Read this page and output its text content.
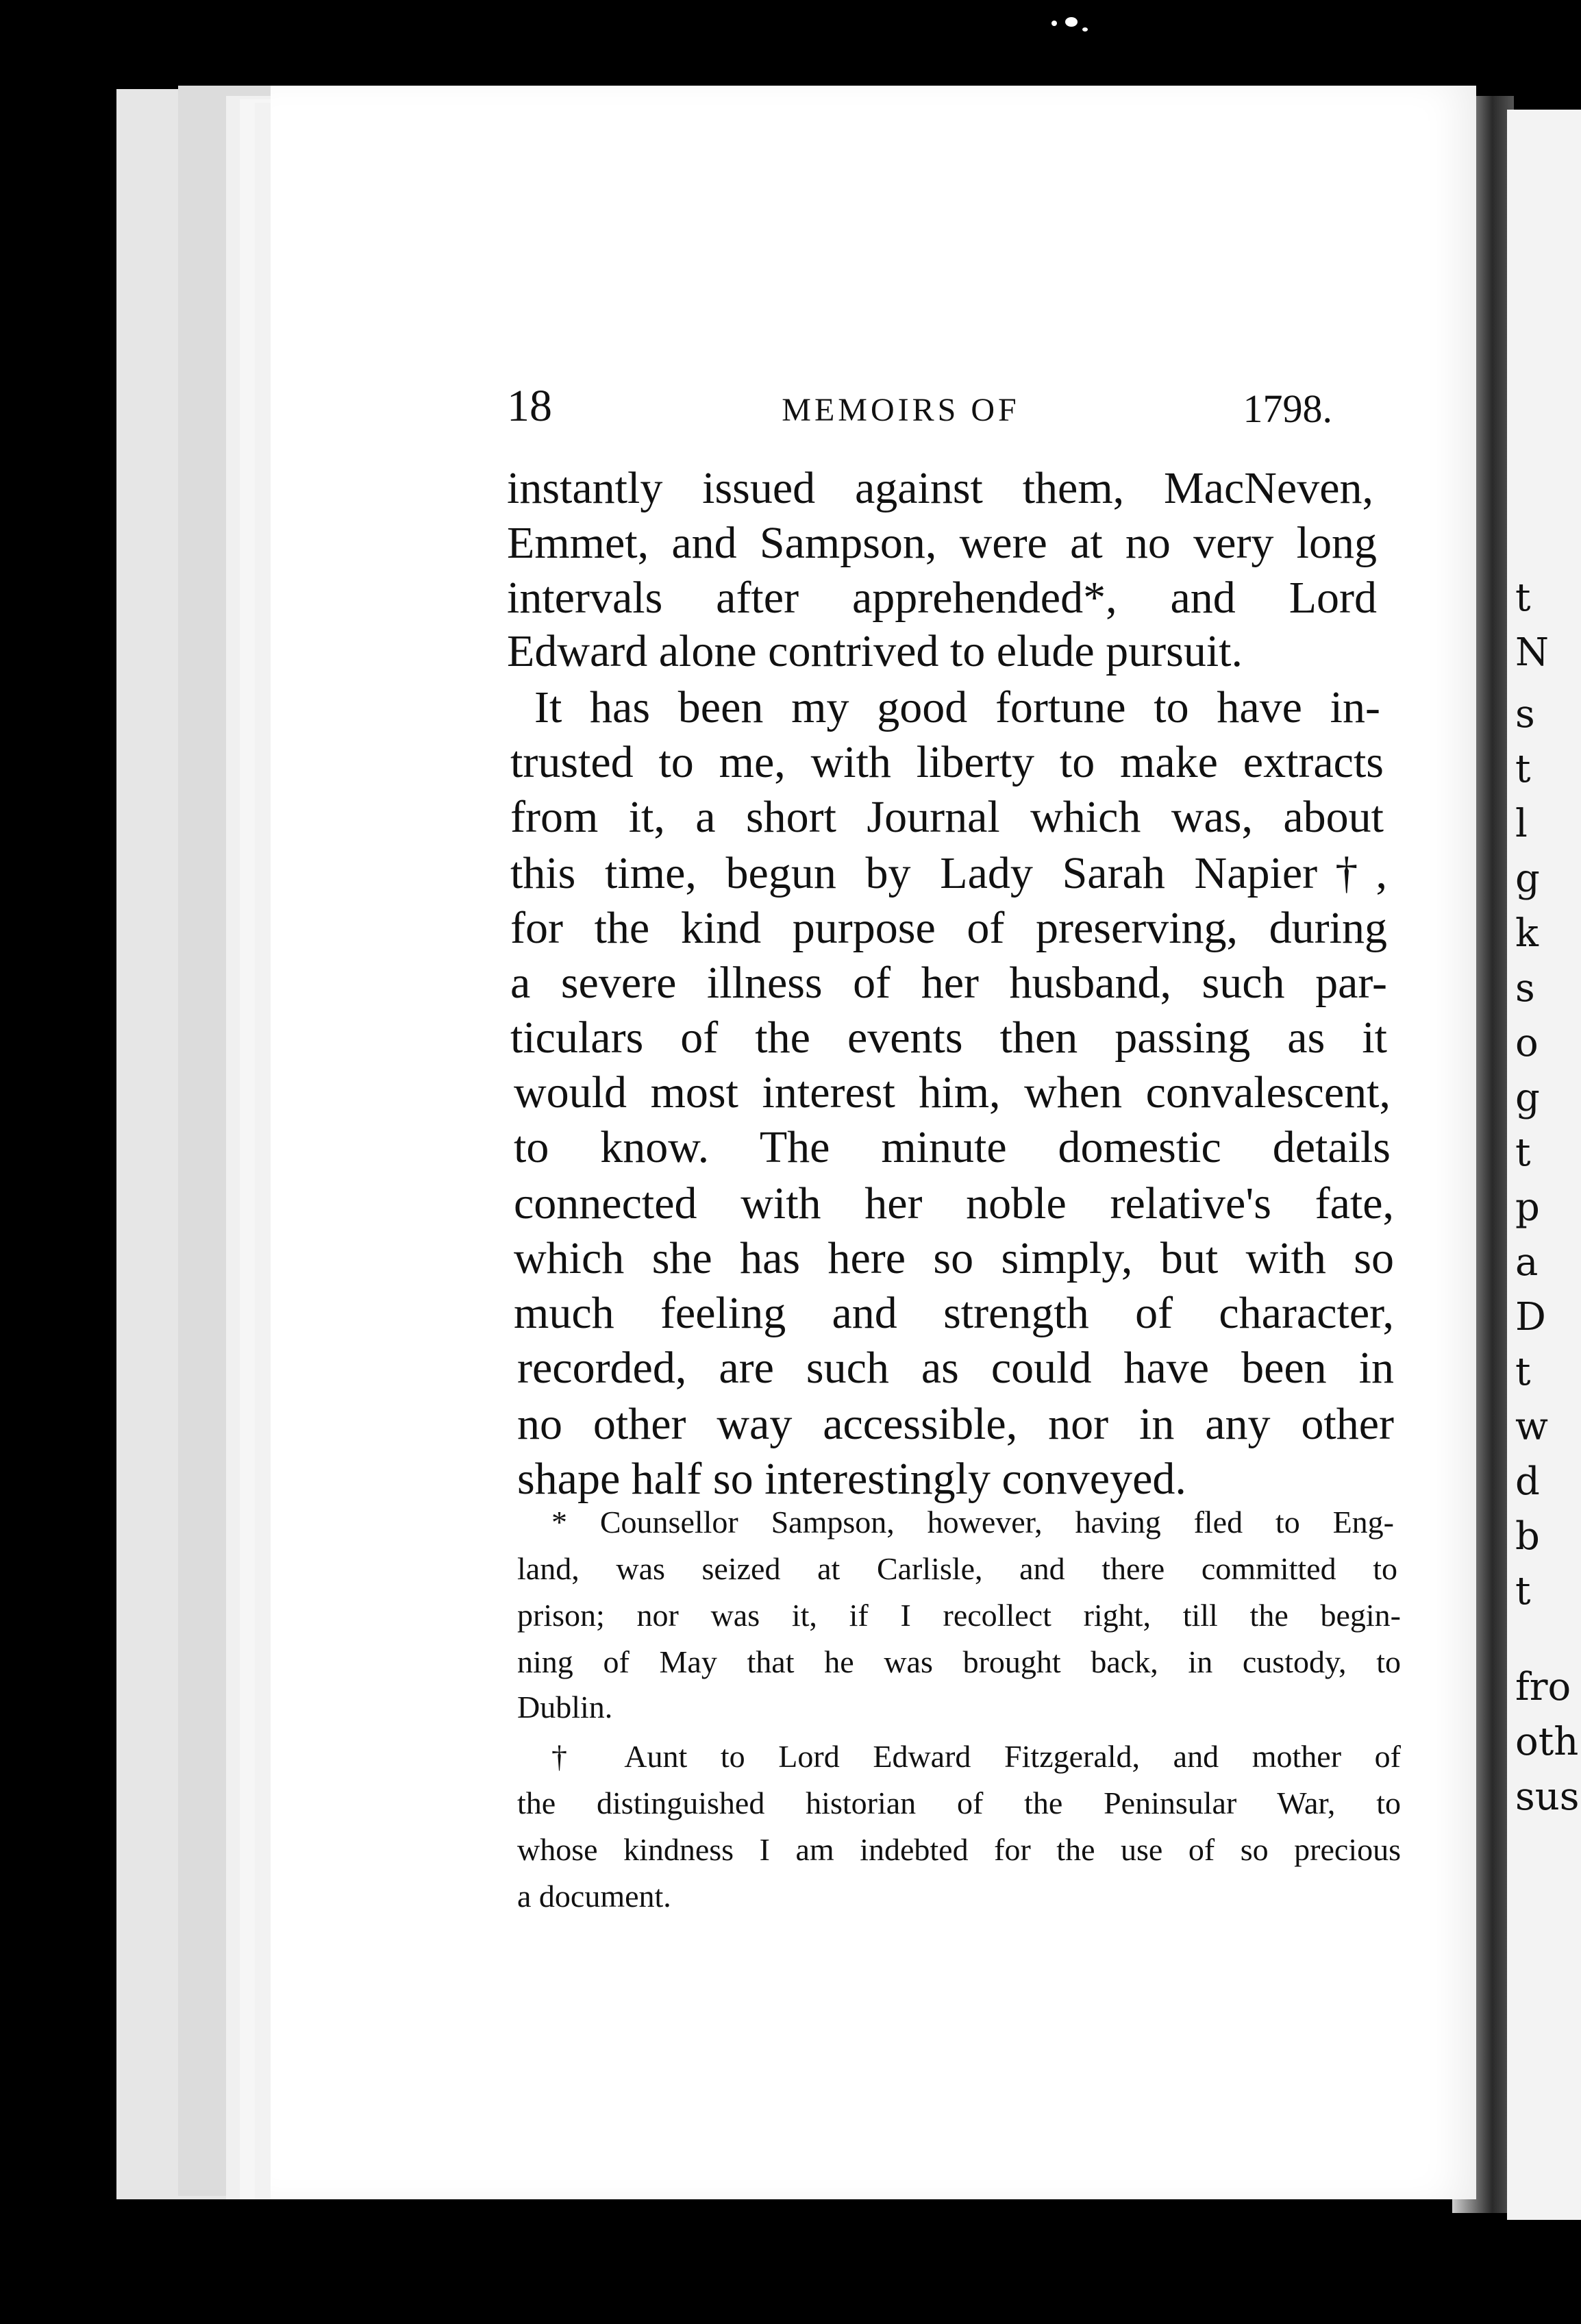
t
N
s
t
l
g
k
s
o
g
t
p
a
D
t
w
d
b
t
fro
oth
sus
18	MEMOIRS OF	1798.
instantly issued against them, MacNeven,
Emmet, and Sampson, were at no very long
intervals after apprehended*, and Lord
Edward alone contrived to elude pursuit.
It has been my good fortune to have in-
trusted to me, with liberty to make extracts
from it, a short Journal which was, about
this time, begun by Lady Sarah Napier†,
for the kind purpose of preserving, during
a severe illness of her husband, such par-
ticulars of the events then passing as it
would most interest him, when convalescent,
to know. The minute domestic details
connected with her noble relative's fate,
which she has here so simply, but with so
much feeling and strength of character,
recorded, are such as could have been in
no other way accessible, nor in any other
shape half so interestingly conveyed.
* Counsellor Sampson, however, having fled to Eng-
land, was seized at Carlisle, and there committed to
prison; nor was it, if I recollect right, till the begin-
ning of May that he was brought back, in custody, to
Dublin.
† Aunt to Lord Edward Fitzgerald, and mother of
the distinguished historian of the Peninsular War, to
whose kindness I am indebted for the use of so precious
a document.
